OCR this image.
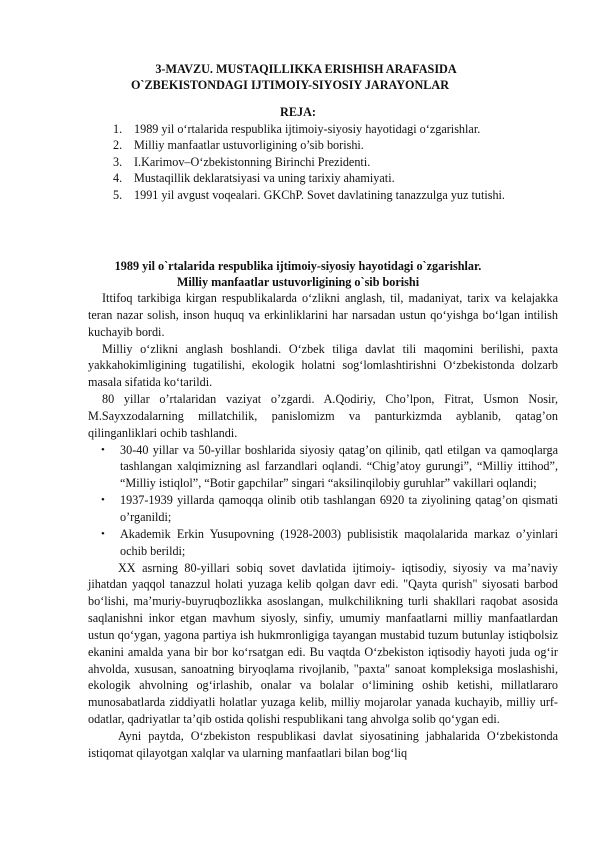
3-MAVZU. MUSTAQILLIKKA ERISHISH ARAFASIDA
O`ZBEKISTONDAGI IJTIMOIY-SIYOSIY JARAYONLAR
REJA:
1. 1989 yil o‘rtalarida respublika ijtimoiy-siyosiy hayotidagi o‘zgarishlar.
2. Milliy manfaatlar ustuvorligining o’sib borishi.
3. I.Karimov–O‘zbekistonning Birinchi Prezidenti.
4. Mustaqillik deklaratsiyasi va uning tarixiy ahamiyati.
5. 1991 yil avgust voqealari. GKChP. Sovet davlatining tanazzulga yuz tutishi.
1989 yil o`rtalarida respublika ijtimoiy-siyosiy hayotidagi o`zgarishlar.
Milliy manfaatlar ustuvorligining o`sib borishi

Ittifoq tarkibiga kirgan respublikalarda o‘zlikni anglash, til, madaniyat, tarix va kelajakka teran nazar solish, inson huquq va erkinliklarini har narsadan ustun qo‘yishga bo‘lgan intilish kuchayib bordi.

Milliy o‘zlikni anglash boshlandi. O‘zbek tiliga davlat tili maqomini berilishi, paxta yakkahokimligining tugatilishi, ekologik holatni sog‘lomlashtirishni O‘zbekistonda dolzarb masala sifatida ko‘tarildi.

80 yillar o’rtalaridan vaziyat o’zgardi. A.Qodiriy, Cho’lpon, Fitrat, Usmon Nosir, M.Sayxzodalarning millatchilik, panislomizm va panturkizmda ayblanib, qatag’on qilinganliklari ochib tashlandi.

• 30-40 yillar va 50-yillar boshlarida siyosiy qatag’on qilinib, qatl etilgan va qamoqlarga tashlangan xalqimizning asl farzandlari oqlandi. “Chig’atoy gurungi”, “Milliy ittihod”, “Milliy istiqlol”, “Botir gapchilar” singari “aksilinqilobiy guruhlar” vakillari oqlandi;
• 1937-1939 yillarda qamoqqa olinib otib tashlangan 6920 ta ziyolining qatag’on qismati o’rganildi;
• Akademik Erkin Yusupovning (1928-2003) publisistik maqolalarida markaz o’yinlari ochib berildi;

XX asrning 80-yillari sobiq sovet davlatida ijtimoiy- iqtisodiy, siyosiy va ma’naviy jihatdan yaqqol tanazzul holati yuzaga kelib qolgan davr edi. "Qayta qurish" siyosati barbod bo‘lishi, ma’muriy-buyruqbozlikka asoslangan, mulkchilikning turli shakllari raqobat asosida saqlanishni inkor etgan mavhum siyosly, sinfiy, umumiy manfaatlarni milliy manfaatlardan ustun qo‘ygan, yagona partiya ish hukmronligiga tayangan mustabid tuzum butunlay istiqbolsiz ekanini amalda yana bir bor ko‘rsatgan edi. Bu vaqtda O‘zbekiston iqtisodiy hayoti juda og‘ir ahvolda, xususan, sanoatning biryoqlama rivojlanib, "paxta" sanoat kompleksiga moslashishi, ekologik ahvolning og‘irlashib, onalar va bolalar o‘limining oshib ketishi, millatlararo munosabatlarda ziddiyatli holatlar yuzaga kelib, milliy mojarolar yanada kuchayib, milliy urf-odatlar, qadriyatlar ta’qib ostida qolishi respublikani tang ahvolga solib qo‘ygan edi.

Ayni paytda, O‘zbekiston respublikasi davlat siyosatining jabhalarida O‘zbekistonda istiqomat qilayotgan xalqlar va ularning manfaatlari bilan bog‘liq
